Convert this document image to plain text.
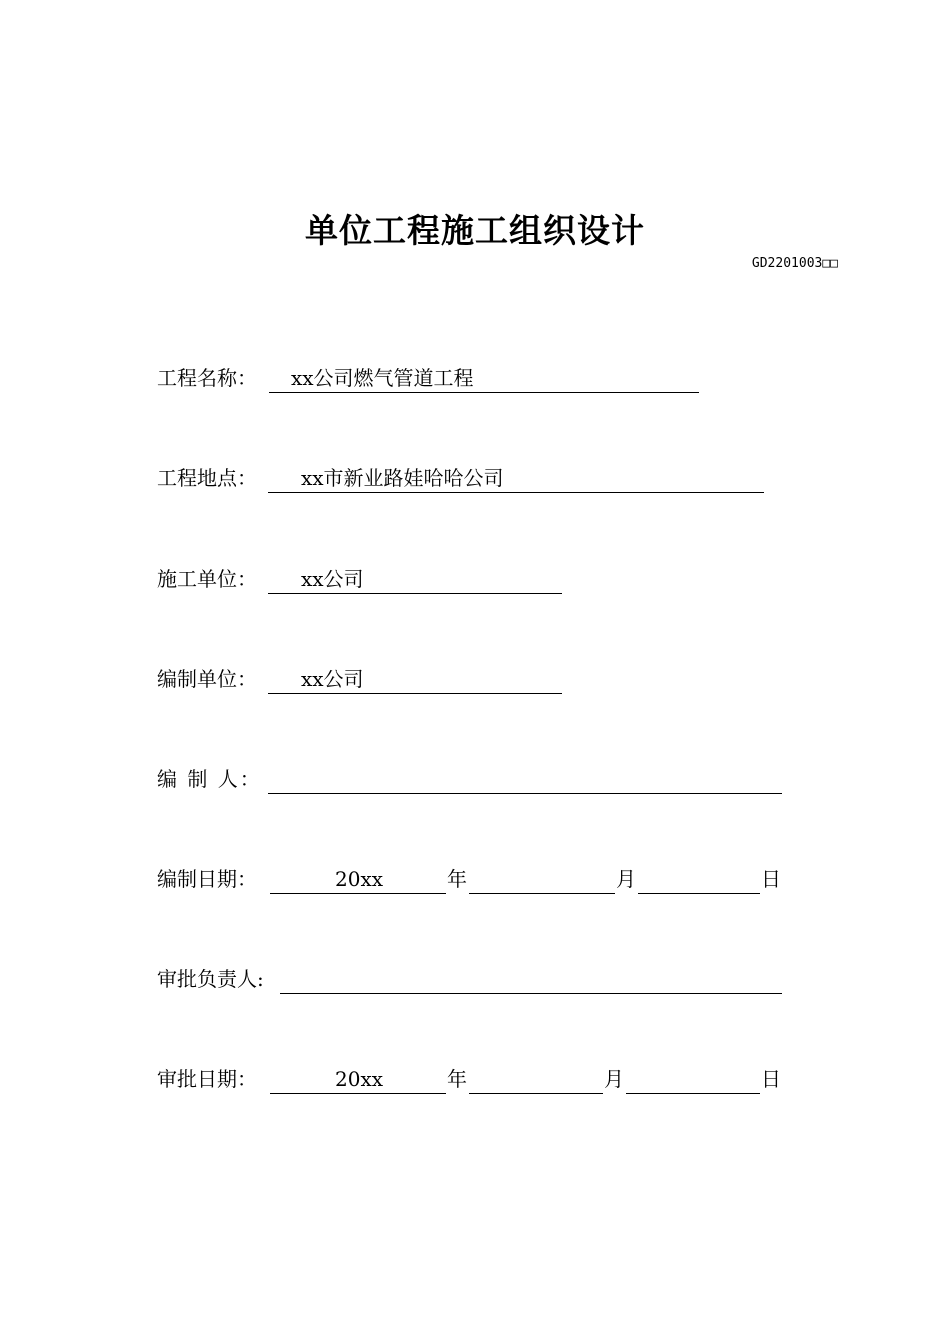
单位工程施工组织设计
GD2201003□□
工程名称： xx公司燃气管道工程
工程地点： xx市新业路娃哈哈公司
施工单位： xx公司
编制单位： xx公司
编 制 人：
编制日期：	20xx	年	月	日
审批负责人:
审批日期：	20xx	年	月	日
